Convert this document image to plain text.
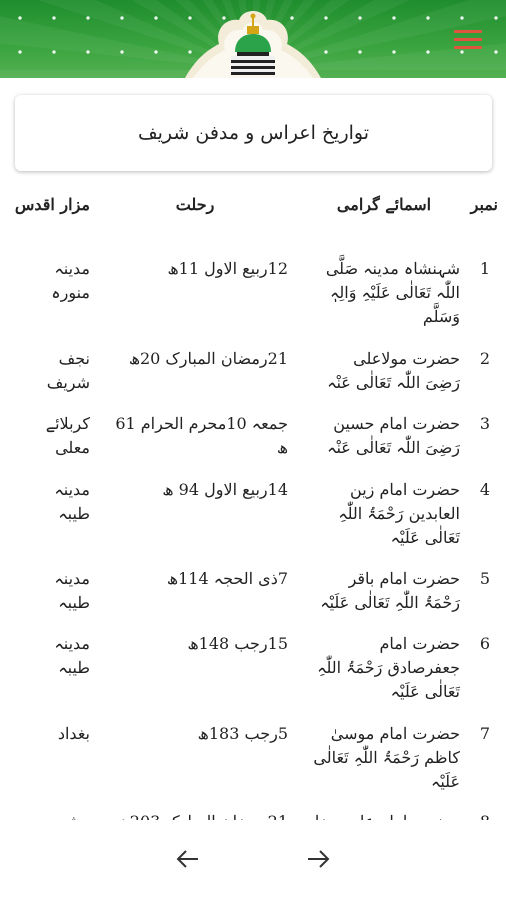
تواریخ اعراس و مدفن شریف
نمبر
اسمائے گرامی
رحلت
مزار اقدس
1
شہنشاہ مدینہ صَلَّی
اللّٰہ تَعَالٰی عَلَیْہِ وَالِہٖ
وَسَلَّم
12ربیع الاول 11ھ
مدینہ
منورہ
2
حضرت مولاعلی
رَضِیَ اللّٰہ تَعَالٰی عَنْہ
21رمضان المبارک 20ھ
نجف
شریف
3
حضرت امام حسین
رَضِیَ اللّٰہ تَعَالٰی عَنْہ
جمعہ 10محرم الحرام 61 ھ
کربلائے
معلی
4
حضرت امام زین
العابدین رَحْمَۃُ اللّٰہِ
تَعَالٰی عَلَیْہ
14ربیع الاول 94 ھ
مدینہ
طیبہ
5
حضرت امام باقر
رَحْمَۃُ اللّٰہِ تَعَالٰی عَلَیْہ
7ذی الحجہ 114ھ
مدینہ
طیبہ
6
حضرت امام
جعفرصادق رَحْمَۃُ اللّٰہِ
تَعَالٰی عَلَیْہ
15رجب 148ھ
مدینہ
طیبہ
7
حضرت امام موسیٰ
کاظم رَحْمَۃُ اللّٰہِ تَعَالٰی
عَلَیْہ
5رجب 183ھ
بغداد
